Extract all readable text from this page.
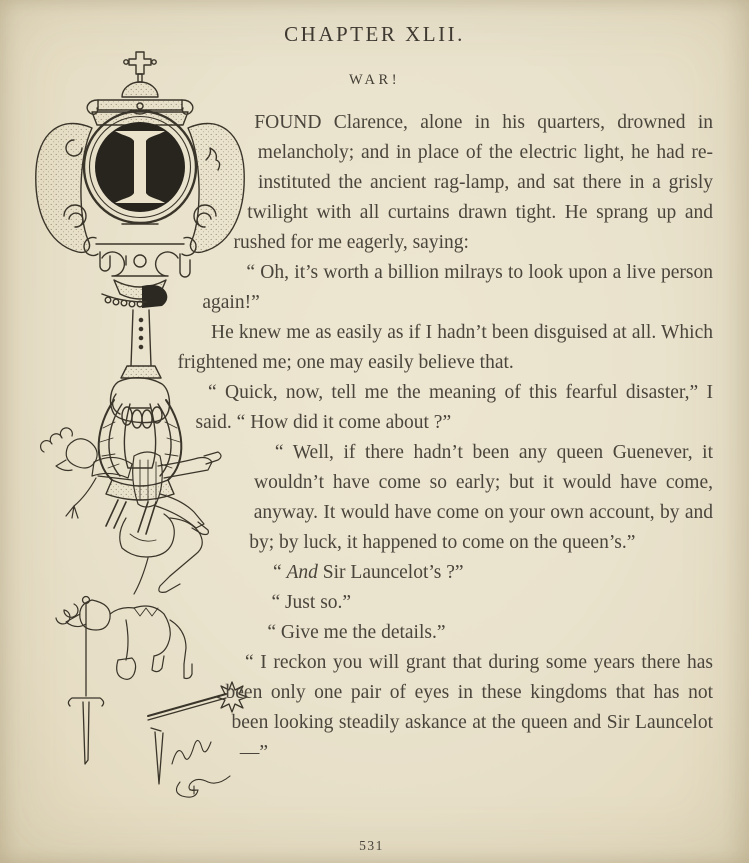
CHAPTER XLII.
WAR!

FOUND Clarence, alone in his quarters, drowned in melancholy; and in place of the electric light, he had re-instituted the ancient rag-lamp, and sat there in a grisly twilight with all curtains drawn tight. He sprang up and rushed for me eagerly, saying:

“ Oh, it’s worth a billion milrays to look upon a live person again!”

He knew me as easily as if I hadn’t been disguised at all. Which frightened me; one may easily believe that.

“ Quick, now, tell me the meaning of this fearful disaster,” I said. “ How did it come about ?”

“ Well, if there hadn’t been any queen Guenever, it wouldn’t have come so early; but it would have come, anyway. It would have come on your own account, by and by; by luck, it happened to come on the queen’s.”

“ And Sir Launcelot’s ?”

“ Just so.”

“ Give me the details.”

“ I reckon you will grant that during some years there has been only one pair of eyes in these kingdoms that has not been looking steadily askance at the queen and Sir Launcelot—”

531
